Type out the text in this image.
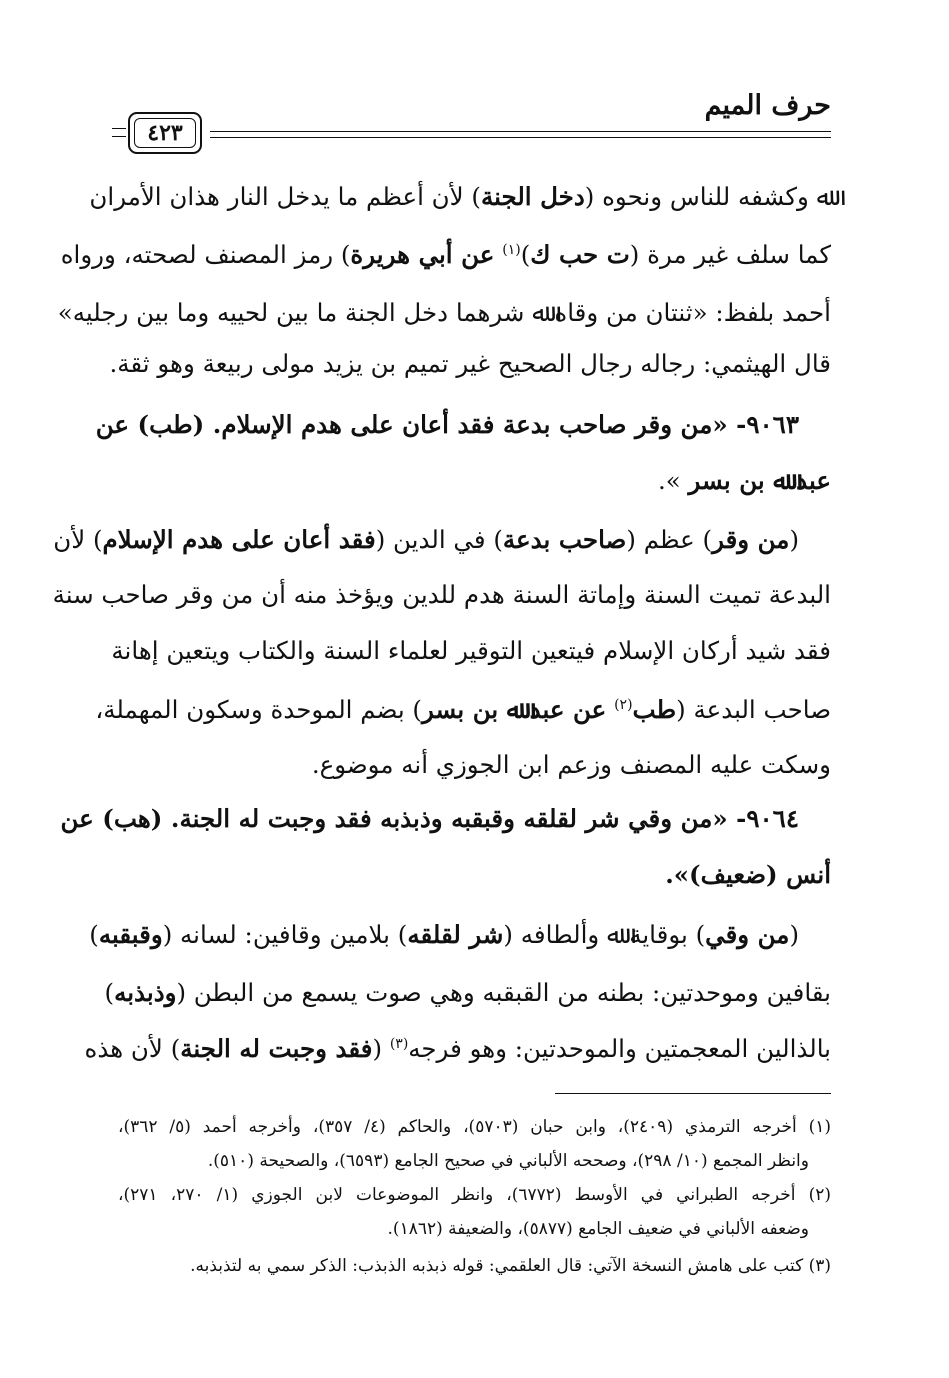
حرف الميم
٤٢٣
ﷲ وكشفه للناس ونحوه (دخل الجنة) لأن أعظم ما يدخل النار هذان الأمران
كما سلف غير مرة (ت حب ك)$^{(١)}$ عن أبي هريرة) رمز المصنف لصحته، ورواه
أحمد بلفظ: «ثنتان من وقاه ﷲ شرهما دخل الجنة ما بين لحييه وما بين رجليه»
قال الهيثمي: رجاله رجال الصحيح غير تميم بن يزيد مولى ربيعة وهو ثقة.
٩٠٦٣- «من وقر صاحب بدعة فقد أعان على هدم الإسلام. (طب) عن
عبد ﷲ بن بسر ».
(من وقر) عظم (صاحب بدعة) في الدين (فقد أعان على هدم الإسلام) لأن
البدعة تميت السنة وإماتة السنة هدم للدين ويؤخذ منه أن من وقر صاحب سنة
فقد شيد أركان الإسلام فيتعين التوقير لعلماء السنة والكتاب ويتعين إهانة
صاحب البدعة (طب$^{(٢)}$ عن عبد ﷲ بن بسر) بضم الموحدة وسكون المهملة،
وسكت عليه المصنف وزعم ابن الجوزي أنه موضوع.
٩٠٦٤- «من وقي شر لقلقه وقبقبه وذبذبه فقد وجبت له الجنة. (هب) عن
أنس (ضعيف)».
(من وقي) بوقاية ﷲ وألطافه (شر لقلقه) بلامين وقافين: لسانه (وقبقبه)
بقافين وموحدتين: بطنه من القبقبه وهي صوت يسمع من البطن (وذبذبه)
بالذالين المعجمتين والموحدتين: وهو فرجه$^{(٣)}$ (فقد وجبت له الجنة) لأن هذه
(١) أخرجه الترمذي (٢٤٠٩)، وابن حبان (٥٧٠٣)، والحاكم (٤/ ٣٥٧)، وأخرجه أحمد (٥/ ٣٦٢)،
وانظر المجمع (١٠/ ٢٩٨)، وصححه الألباني في صحيح الجامع (٦٥٩٣)، والصحيحة (٥١٠).
(٢) أخرجه الطبراني في الأوسط (٦٧٧٢)، وانظر الموضوعات لابن الجوزي (١/ ٢٧٠، ٢٧١)،
وضعفه الألباني في ضعيف الجامع (٥٨٧٧)، والضعيفة (١٨٦٢).
(٣) كتب على هامش النسخة الآتي: قال العلقمي: قوله ذبذبه الذبذب: الذكر سمي به لتذبذبه.
